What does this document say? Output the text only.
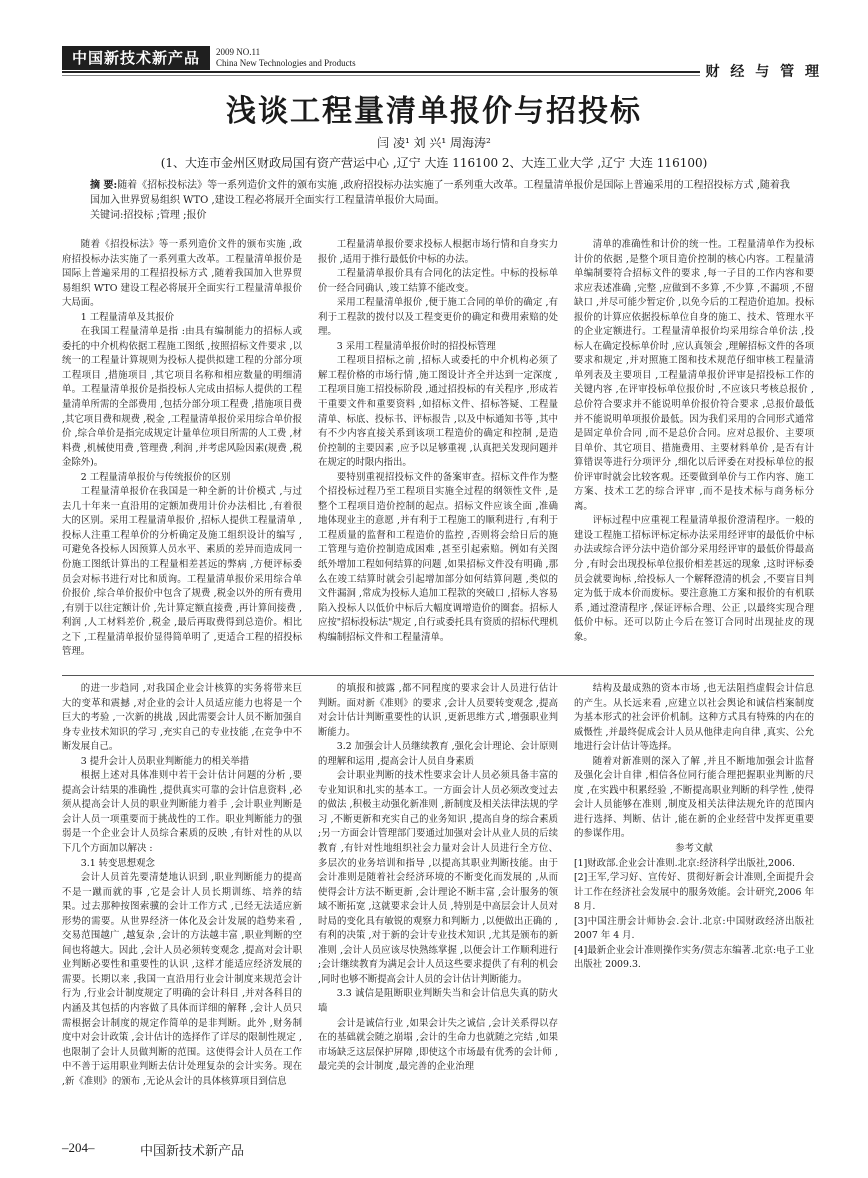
中国新技术新产品	2009 NO.11
China New Technologies and Products
财 经 与 管 理
浅谈工程量清单报价与招投标
闫 凌¹ 刘 兴¹ 周海涛²
(1、大连市金州区财政局国有资产营运中心 ,辽宁 大连 116100 2、大连工业大学 ,辽宁 大连 116100)
摘 要:随着《招标投标法》等一系列造价文件的颁布实施 ,政府招投标办法实施了一系列重大改革。工程量清单报价是国际上普遍采用的工程招投标方式 ,随着我国加入世界贸易组织 WTO ,建设工程必将展开全面实行工程量清单报价大局面。
关键词:招投标 ;管理 ;报价

随着《招投标法》等一系列造价文件的颁布实施 ,政府招投标办法实施了一系列重大改革。工程量清单报价是国际上普遍采用的工程招投标方式 ,随着我国加入世界贸易组织 WTO 建设工程必将展开全面实行工程量清单报价大局面。

1 工程量清单及其报价

在我国工程量清单是指 :由具有编制能力的招标人或委托的中介机构依据工程施工图纸 ,按照招标文件要求 ,以统一的工程量计算规则为投标人提供拟建工程的分部分项工程项目 ,措施项目 ,其它项目名称和相应数量的明细清单。工程量清单报价是指投标人完成由招标人提供的工程量清单所需的全部费用 ,包括分部分项工程费 ,措施项目费 ,其它项目费和规费 ,税金 ,工程量清单报价采用综合单价报价 ,综合单价是指完成规定计量单位项目所需的人工费 ,材料费 ,机械使用费 ,管理费 ,利润 ,并考虑风险因素(规费 ,税金除外)。

2 工程量清单报价与传统报价的区别

工程量清单报价在我国是一种全新的计价模式 ,与过去几十年来一直沿用的定额加费用计价办法相比 ,有着很大的区别。采用工程量清单报价 ,招标人提供工程量清单 ,投标人注重工程单价的分析确定及施工组织设计的编写 ,可避免各投标人因预算人员水平、素质的差异而造成同一份施工图纸计算出的工程量相差甚远的弊病 ,方便评标委员会对标书进行对比和质询。工程量清单报价采用综合单价报价 ,综合单价报价中包含了规费 ,税金以外的所有费用 ,有别于以往定额计价 ,先计算定额直接费 ,再计算间接费 ,利润 ,人工材料差价 ,税金 ,最后再取费得到总造价。相比之下 ,工程量清单报价显得简单明了 ,更适合工程的招投标管理。

工程量清单报价要求投标人根据市场行情和自身实力报价 ,适用于推行最低价中标的办法。

工程量清单报价具有合同化的法定性。中标的投标单价一经合同确认 ,竣工结算不能改变。

采用工程量清单报价 ,便于施工合同的单价的确定 ,有利于工程款的拨付以及工程变更价的确定和费用索赔的处理。

3 采用工程量清单报价时的招投标管理

工程项目招标之前 ,招标人或委托的中介机构必须了解工程价格的市场行情 ,施工图设计齐全并达到一定深度 ,工程项目施工招投标阶段 ,通过招投标的有关程序 ,形成若干重要文件和重要资料 ,如招标文件、招标答疑、工程量清单、标底、投标书、评标报告 ,以及中标通知书等 ,其中有不少内容直接关系到该项工程造价的确定和控制 ,是造价控制的主要因素 ,应予以足够重视 ,认真把关发现问题并在规定的时限内指出。

要特别重视招投标文件的备案审查。招标文件作为整个招投标过程乃至工程项目实施全过程的纲领性文件 ,是整个工程项目造价控制的起点。招标文件应该全面 ,准确地体现业主的意愿 ,并有利于工程施工的顺利进行 ,有利于工程质量的监督和工程造价的监控 ,否则将会给日后的施工管理与造价控制造成困难 ,甚至引起索赔。例如有关图纸外增加工程如何结算的问题 ,如果招标文件没有明确 ,那么在竣工结算时就会引起增加部分如何结算问题 ,类似的文件漏洞 ,常成为投标人追加工程款的突破口 ,招标人容易陷入投标人以低价中标后大幅度调增造价的圈套。招标人应按"招标投标法"规定 ,自行或委托具有资质的招标代理机构编制招标文件和工程量清单。

清单的准确性和计价的统一性。工程量清单作为投标计价的依据 ,是整个项目造价控制的核心内容。工程量清单编制要符合招标文件的要求 ,每一子目的工作内容和要求应表述准确 ,完整 ,应做到不多算 ,不少算 ,不漏项 ,不留缺口 ,并尽可能少暂定价 ,以免今后的工程造价追加。投标报价的计算应依据投标单位自身的施工、技术、管理水平的企业定额进行。工程量清单报价均采用综合单价法 ,投标人在确定投标单价时 ,应认真领会 ,理解招标文件的各项要求和规定 ,并对照施工图和技术规范仔细审核工程量清单列表及主要项目 ,工程量清单报价评审是招投标工作的关键内容 ,在评审投标单位报价时 ,不应该只考核总报价 ,总价符合要求并不能说明单价报价符合要求 ,总报价最低并不能说明单项报价最低。因为我们采用的合同形式通常是固定单价合同 ,而不是总价合同。应对总报价、主要项目单价、其它项目、措施费用、主要材料单价 ,是否有计算错误等进行分项评分 ,细化以后评委在对投标单位的报价评审时就会比较客观。还要做到单价与工作内容、施工方案、技术工艺的综合评审 ,而不是技术标与商务标分离。

评标过程中应重视工程量清单报价澄清程序。一般的建设工程施工招标评标定标办法采用经评审的最低价中标办法或综合评分法中造价部分采用经评审的最低价得最高分 ,有时会出现投标单位报价相差甚远的现象 ,这时评标委员会就要询标 ,给投标人一个解释澄清的机会 ,不要盲目判定为低于成本价而废标。要注意施工方案和报价的有机联系 ,通过澄清程序 ,保证评标合理、公正 ,以最终实现合理低价中标。还可以防止今后在签订合同时出现扯皮的现象。

的进一步趋同 ,对我国企业会计核算的实务将带来巨大的变革和震撼 ,对企业的会计人员适应能力也将是一个巨大的考验 ,一次新的挑战 ,因此需要会计人员不断加强自身专业技术知识的学习 ,充实自己的专业技能 ,在竞争中不断发展自己。

3 提升会计人员职业判断能力的相关举措

根据上述对具体准则中若干会计估计问题的分析 ,要提高会计结果的准确性 ,提供真实可靠的会计信息资料 ,必须从提高会计人员的职业判断能力着手 ,会计职业判断是会计人员一项重要而于挑战性的工作。职业判断能力的强弱是一个企业会计人员综合素质的反映 ,有针对性的从以下几个方面加以解决 :

3.1 转变思想观念

会计人员首先要清楚地认识到 ,职业判断能力的提高不是一蹴而就的事 ,它是会计人员长期训练、培养的结果。过去那种按图索骥的会计工作方式 ,已经无法适应新形势的需要。从世界经济一体化及会计发展的趋势来看 ,交易范围越广 ,越复杂 ,会计的方法越丰富 ,职业判断的空间也将越大。因此 ,会计人员必须转变观念 ,提高对会计职业判断必要性和重要性的认识 ,这样才能适应经济发展的需要。长期以来 ,我国一直沿用行业会计制度来规范会计行为 ,行业会计制度规定了明确的会计科目 ,并对各科目的内涵及其包括的内容做了具体而详细的解释 ,会计人员只需根据会计制度的规定作简单的是非判断。此外 ,财务制度中对会计政策 ,会计估计的选择作了详尽的限制性规定 ,也限制了会计人员做判断的范围。这使得会计人员在工作中不善于运用职业判断去估计处理复杂的会计实务。现在 ,新《准则》的颁布 ,无论从会计的具体核算项目到信息

的填报和披露 ,都不同程度的要求会计人员进行估计判断。面对新《准则》的要求 ,会计人员要转变观念 ,提高对会计估计判断重要性的认识 ,更新思维方式 ,增强职业判断能力。

3.2 加强会计人员继续教育 ,强化会计理论、会计原则的理解和运用 ,提高会计人员自身素质

会计职业判断的技术性要求会计人员必须具备丰富的专业知识和扎实的基本工。一方面会计人员必须改变过去的做法 ,积极主动强化新准则 ,新制度及相关法律法规的学习 ,不断更新和充实自己的业务知识 ,提高自身的综合素质 ;另一方面会计管理部门要通过加强对会计从业人员的后续教育 ,有针对性地组织社会力量对会计人员进行全方位、多层次的业务培训和指导 ,以提高其职业判断技能。由于会计准则是随着社会经济环境的不断变化而发展的 ,从而使得会计方法不断更新 ,会计理论不断丰富 ,会计服务的领域不断拓宽 ,这就要求会计人员 ,特别是中高层会计人员对时局的变化具有敏锐的观察力和判断力 ,以便做出正确的 ,有利的决策 ,对于新的会计专业技术知识 ,尤其是颁布的新准则 ,会计人员应该尽快熟练掌握 ,以便会计工作顺利进行 ;会计继续教育为满足会计人员这些要求提供了有利的机会 ,同时也够不断提高会计人员的会计估计判断能力。

3.3 诚信是阻断职业判断失当和会计信息失真的防火墙

会计是诚信行业 ,如果会计失之诚信 ,会计关系得以存在的基础就会随之崩塌 ,会计的生命力也就随之完结 ,如果市场缺乏这层保护屏障 ,即使这个市场最有优秀的会计师 ,最完美的会计制度 ,最完善的企业治理

结构及最成熟的资本市场 ,也无法阻挡虚假会计信息的产生。从长远来看 ,应建立以社会舆论和诚信档案制度为基本形式的社会评价机制。这种方式具有特殊的内在的威慑性 ,并最终促成会计人员从他律走向自律 ,真实、公允地进行会计估计等选择。

随着对新准则的深入了解 ,并且不断地加强会计监督及强化会计自律 ,相信各位同行能合理把握职业判断的尺度 ,在实践中积累经验 ,不断提高职业判断的科学性 ,使得会计人员能够在准则 ,制度及相关法律法规允许的范围内进行选择、判断、估计 ,能在新的企业经营中发挥更重要的参谋作用。

参考文献

[1]财政部.企业会计准则.北京:经济科学出版社,2006.

[2]王军,学习好、宣传好、贯彻好新会计准则,全面提升会计工作在经济社会发展中的服务效能。会计研究,2006 年 8 月.

[3]中国注册会计师协会.会计.北京:中国财政经济出版社 2007 年 4 月.

[4]最新企业会计准则操作实务/贺志东编著.北京:电子工业出版社 2009.3.

–204–	中国新技术新产品
